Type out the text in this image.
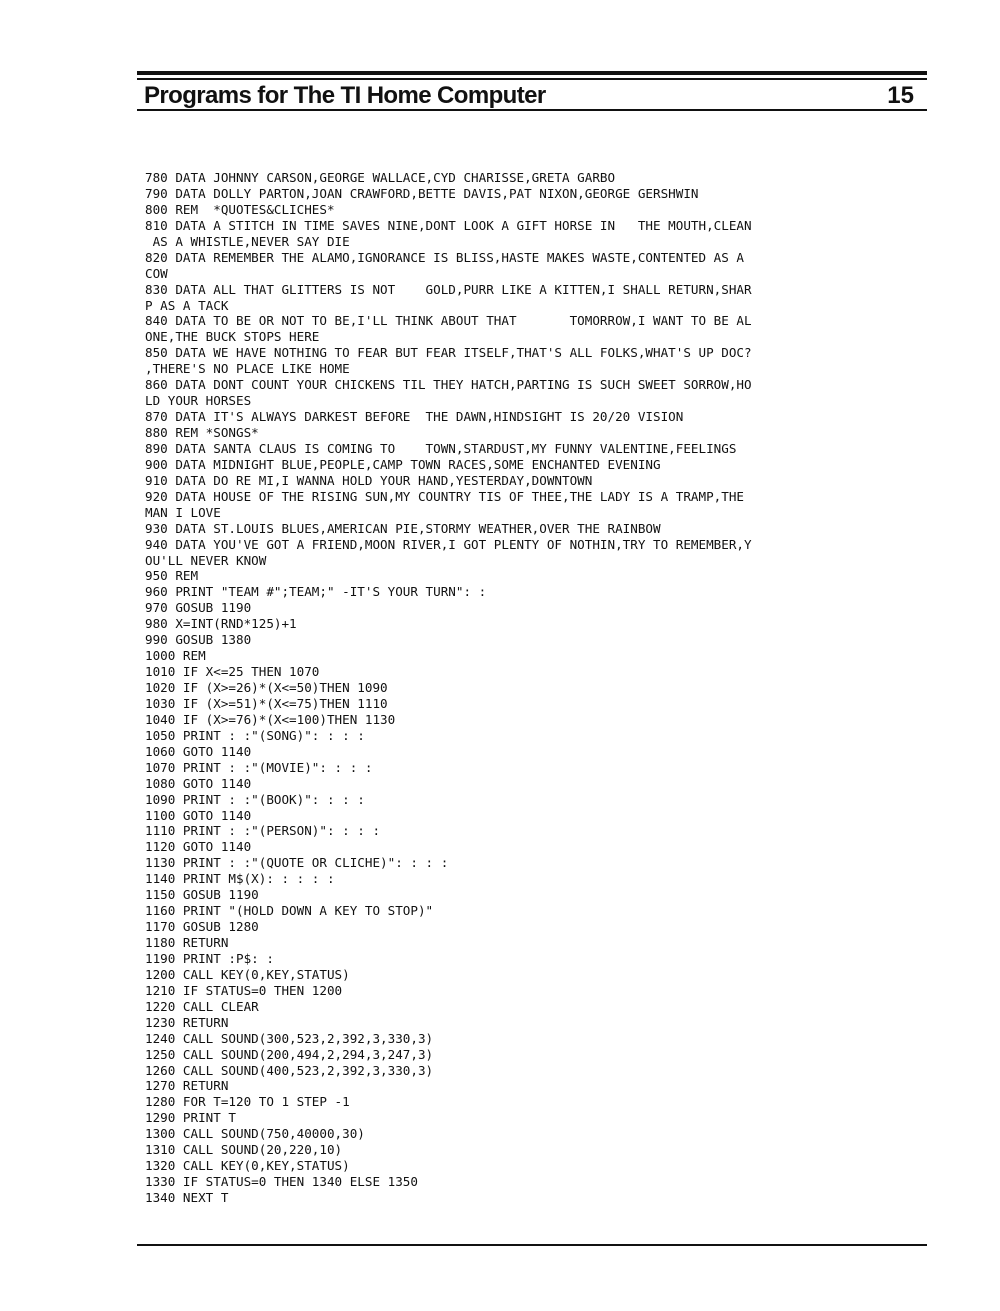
Programs for The TI Home Computer	15
780 DATA JOHNNY CARSON,GEORGE WALLACE,CYD CHARISSE,GRETA GARBO
790 DATA DOLLY PARTON,JOAN CRAWFORD,BETTE DAVIS,PAT NIXON,GEORGE GERSHWIN
800 REM  *QUOTES&CLICHES*
810 DATA A STITCH IN TIME SAVES NINE,DONT LOOK A GIFT HORSE IN   THE MOUTH,CLEAN
AS A WHISTLE,NEVER SAY DIE
820 DATA REMEMBER THE ALAMO,IGNORANCE IS BLISS,HASTE MAKES WASTE,CONTENTED AS A
COW
830 DATA ALL THAT GLITTERS IS NOT    GOLD,PURR LIKE A KITTEN,I SHALL RETURN,SHAR
P AS A TACK
840 DATA TO BE OR NOT TO BE,I'LL THINK ABOUT THAT       TOMORROW,I WANT TO BE AL
ONE,THE BUCK STOPS HERE
850 DATA WE HAVE NOTHING TO FEAR BUT FEAR ITSELF,THAT'S ALL FOLKS,WHAT'S UP DOC?
,THERE'S NO PLACE LIKE HOME
860 DATA DONT COUNT YOUR CHICKENS TIL THEY HATCH,PARTING IS SUCH SWEET SORROW,HO
LD YOUR HORSES
870 DATA IT'S ALWAYS DARKEST BEFORE  THE DAWN,HINDSIGHT IS 20/20 VISION
880 REM *SONGS*
890 DATA SANTA CLAUS IS COMING TO    TOWN,STARDUST,MY FUNNY VALENTINE,FEELINGS
900 DATA MIDNIGHT BLUE,PEOPLE,CAMP TOWN RACES,SOME ENCHANTED EVENING
910 DATA DO RE MI,I WANNA HOLD YOUR HAND,YESTERDAY,DOWNTOWN
920 DATA HOUSE OF THE RISING SUN,MY COUNTRY TIS OF THEE,THE LADY IS A TRAMP,THE
MAN I LOVE
930 DATA ST.LOUIS BLUES,AMERICAN PIE,STORMY WEATHER,OVER THE RAINBOW
940 DATA YOU'VE GOT A FRIEND,MOON RIVER,I GOT PLENTY OF NOTHIN,TRY TO REMEMBER,Y
OU'LL NEVER KNOW
950 REM
960 PRINT "TEAM #";TEAM;" -IT'S YOUR TURN": :
970 GOSUB 1190
980 X=INT(RND*125)+1
990 GOSUB 1380
1000 REM
1010 IF X<=25 THEN 1070
1020 IF (X>=26)*(X<=50)THEN 1090
1030 IF (X>=51)*(X<=75)THEN 1110
1040 IF (X>=76)*(X<=100)THEN 1130
1050 PRINT : :"(SONG)": : : :
1060 GOTO 1140
1070 PRINT : :"(MOVIE)": : : :
1080 GOTO 1140
1090 PRINT : :"(BOOK)": : : :
1100 GOTO 1140
1110 PRINT : :"(PERSON)": : : :
1120 GOTO 1140
1130 PRINT : :"(QUOTE OR CLICHE)": : : :
1140 PRINT M$(X): : : : :
1150 GOSUB 1190
1160 PRINT "(HOLD DOWN A KEY TO STOP)"
1170 GOSUB 1280
1180 RETURN
1190 PRINT :P$: :
1200 CALL KEY(0,KEY,STATUS)
1210 IF STATUS=0 THEN 1200
1220 CALL CLEAR
1230 RETURN
1240 CALL SOUND(300,523,2,392,3,330,3)
1250 CALL SOUND(200,494,2,294,3,247,3)
1260 CALL SOUND(400,523,2,392,3,330,3)
1270 RETURN
1280 FOR T=120 TO 1 STEP -1
1290 PRINT T
1300 CALL SOUND(750,40000,30)
1310 CALL SOUND(20,220,10)
1320 CALL KEY(0,KEY,STATUS)
1330 IF STATUS=0 THEN 1340 ELSE 1350
1340 NEXT T
